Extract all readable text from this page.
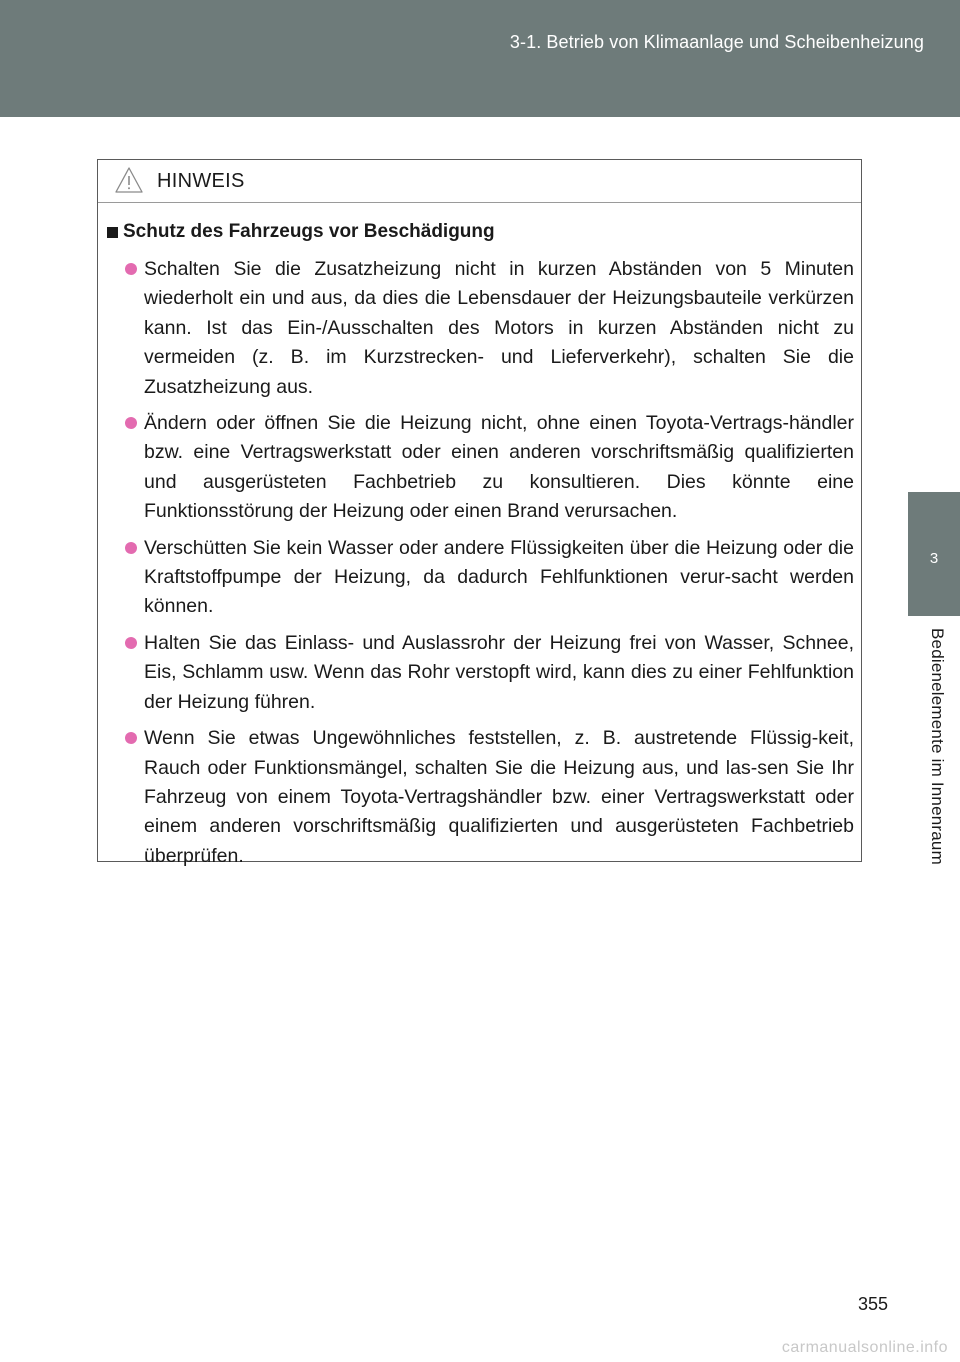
3-1. Betrieb von Klimaanlage und Scheibenheizung
3
Bedienelemente im Innenraum
HINWEIS
Schutz des Fahrzeugs vor Beschädigung
Schalten Sie die Zusatzheizung nicht in kurzen Abständen von 5 Minuten wiederholt ein und aus, da dies die Lebensdauer der Heizungsbauteile verkürzen kann. Ist das Ein-/Ausschalten des Motors in kurzen Abständen nicht zu vermeiden (z. B. im Kurzstrecken- und Lieferverkehr), schalten Sie die Zusatzheizung aus.
Ändern oder öffnen Sie die Heizung nicht, ohne einen Toyota-Vertrags-händler bzw. eine Vertragswerkstatt oder einen anderen vorschriftsmäßig qualifizierten und ausgerüsteten Fachbetrieb zu konsultieren. Dies könnte eine Funktionsstörung der Heizung oder einen Brand verursachen.
Verschütten Sie kein Wasser oder andere Flüssigkeiten über die Heizung oder die Kraftstoffpumpe der Heizung, da dadurch Fehlfunktionen verur-sacht werden können.
Halten Sie das Einlass- und Auslassrohr der Heizung frei von Wasser, Schnee, Eis, Schlamm usw. Wenn das Rohr verstopft wird, kann dies zu einer Fehlfunktion der Heizung führen.
Wenn Sie etwas Ungewöhnliches feststellen, z. B. austretende Flüssig-keit, Rauch oder Funktionsmängel, schalten Sie die Heizung aus, und las-sen Sie Ihr Fahrzeug von einem Toyota-Vertragshändler bzw. einer Vertragswerkstatt oder einem anderen vorschriftsmäßig qualifizierten und ausgerüsteten Fachbetrieb überprüfen.
355
carmanualsonline.info
